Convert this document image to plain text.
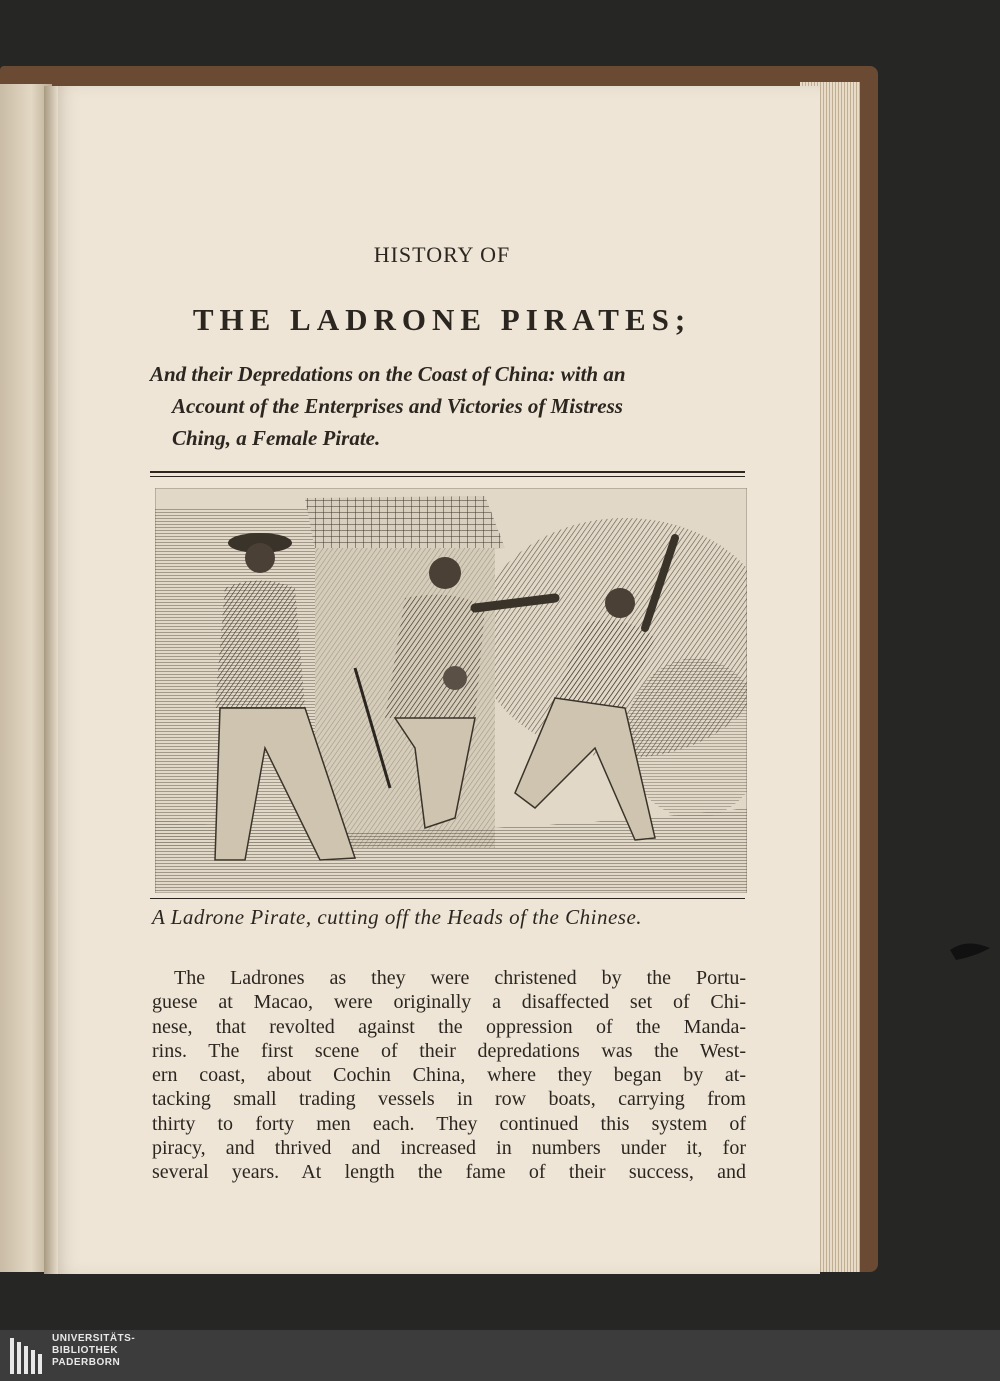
HISTORY OF
THE LADRONE PIRATES;
And their Depredations on the Coast of China: with an
Account of the Enterprises and Victories of Mistress
Ching, a Female Pirate.
A Ladrone Pirate, cutting off the Heads of the Chinese.
The Ladrones as they were christened by the Portu-
guese at Macao, were originally a disaffected set of Chi-
nese, that revolted against the oppression of the Manda-
rins. The first scene of their depredations was the West-
ern coast, about Cochin China, where they began by at-
tacking small trading vessels in row boats, carrying from
thirty to forty men each. They continued this system of
piracy, and thrived and increased in numbers under it, for
several years. At length the fame of their success, and
UNIVERSITÄTS-
BIBLIOTHEK
PADERBORN
